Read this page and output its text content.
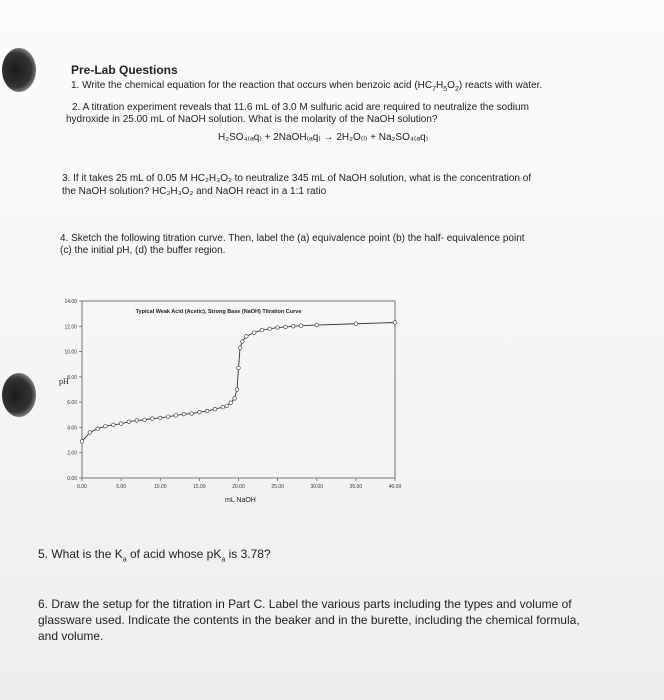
Pre-Lab Questions
1. Write the chemical equation for the reaction that occurs when benzoic acid $(HC_7H_5O_2)$ reacts with water.
2. A titration experiment reveals that 11.6 mL of 3.0 M sulfuric acid are required to neutralize the sodium
hydroxide in 25.00 mL of NaOH solution. What is the molarity of the NaOH solution?
H₂SO₄₍ₐq₎ + 2NaOH₍ₐq₎ → 2H₂O₍ₗ₎ + Na₂SO₄₍ₐq₎
3. If it takes 25 mL of 0.05 M HC₂H₃O₂ to neutralize 345 mL of NaOH solution, what is the concentration of
the NaOH solution? HC₂H₃O₂ and NaOH react in a 1:1 ratio
4. Sketch the following titration curve. Then, label the (a) equivalence point (b) the half- equivalence point
(c) the initial pH, (d) the buffer region.
0.00
2.00
4.00
6.00
8.00
10.00
12.00
14.00
0.00	5.00	10.00	15.00	20.00	25.00	30.00	35.00	40.00
Typical Weak Acid (Acetic), Strong Base (NaOH) Titration Curve
pH
mL NaOH
5. What is the $K_a$ of acid whose $pK_a$ is 3.78?
6. Draw the setup for the titration in Part C. Label the various parts including the types and volume of
glassware used. Indicate the contents in the beaker and in the burette, including the chemical formula,
and volume.
